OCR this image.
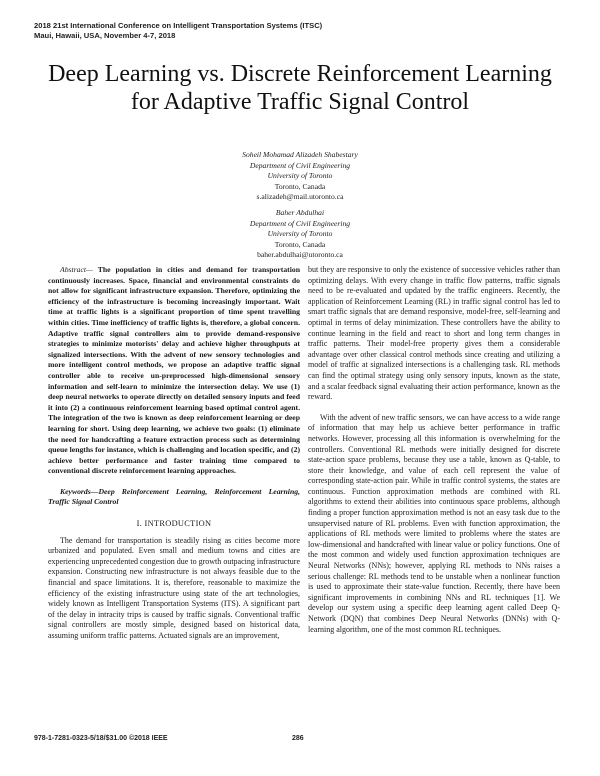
2018 21st International Conference on Intelligent Transportation Systems (ITSC)
Maui, Hawaii, USA, November 4-7, 2018
Deep Learning vs. Discrete Reinforcement Learning
for Adaptive Traffic Signal Control
Soheil Mohamad Alizadeh Shabestary
Department of Civil Engineering
University of Toronto
Toronto, Canada
s.alizadeh@mail.utoronto.ca
Baher Abdulhai
Department of Civil Engineering
University of Toronto
Toronto, Canada
baher.abdulhai@utoronto.ca

Abstract— The population in cities and demand for transportation continuously increases. Space, financial and environmental constraints do not allow for significant infrastructure expansion. Therefore, optimizing the efficiency of the infrastructure is becoming increasingly important. Wait time at traffic lights is a significant proportion of time spent travelling within cities. Time inefficiency of traffic lights is, therefore, a global concern. Adaptive traffic signal controllers aim to provide demand-responsive strategies to minimize motorists' delay and achieve higher throughputs at signalized intersections. With the advent of new sensory technologies and more intelligent control methods, we propose an adaptive traffic signal controller able to receive un-preprocessed high-dimensional sensory information and self-learn to minimize the intersection delay. We use (1) deep neural networks to operate directly on detailed sensory inputs and feed it into (2) a continuous reinforcement learning based optimal control agent. The integration of the two is known as deep reinforcement learning or deep learning for short. Using deep learning, we achieve two goals: (1) eliminate the need for handcrafting a feature extraction process such as determining queue lengths for instance, which is challenging and location specific, and (2) achieve better performance and faster training time compared to conventional discrete reinforcement learning approaches.

Keywords—Deep Reinforcement Learning, Reinforcement Learning, Traffic Signal Control

I. INTRODUCTION

The demand for transportation is steadily rising as cities become more urbanized and populated. Even small and medium towns and cities are experiencing unprecedented congestion due to growth outpacing infrastructure expansion. Constructing new infrastructure is not always feasible due to the financial and space limitations. It is, therefore, reasonable to maximize the efficiency of the existing infrastructure using state of the art technologies, widely known as Intelligent Transportation Systems (ITS). A significant part of the delay in intracity trips is caused by traffic signals. Conventional traffic signal controllers are mostly simple, designed based on historical data, assuming uniform traffic patterns. Actuated signals are an improvement,

but they are responsive to only the existence of successive vehicles rather than optimizing delays. With every change in traffic flow patterns, traffic signals need to be re-evaluated and updated by the traffic engineers. Recently, the application of Reinforcement Learning (RL) in traffic signal control has led to smart traffic signals that are demand responsive, model-free, self-learning and optimal in terms of delay minimization. These controllers have the ability to continue learning in the field and react to short and long term changes in traffic patterns. Their model-free property gives them a considerable advantage over other classical control methods since creating and utilizing a model of traffic at signalized intersections is a challenging task. RL methods can find the optimal strategy using only sensory inputs, known as the state, and a scalar feedback signal evaluating their action performance, known as the reward.

With the advent of new traffic sensors, we can have access to a wide range of information that may help us achieve better performance in traffic networks. However, processing all this information is overwhelming for the controllers. Conventional RL methods were initially designed for discrete state-action space problems, because they use a table, known as Q-table, to store their knowledge, and value of each cell represent the value of corresponding state-action pair. While in traffic control systems, the states are continuous. Function approximation methods are combined with RL algorithms to extend their abilities into continuous space problems, although finding a proper function approximation method is not an easy task due to the unsupervised nature of RL problems. Even with function approximation, the applications of RL methods were limited to problems where the states are low-dimensional and handcrafted with linear value or policy functions. One of the most common and widely used function approximation techniques are Neural Networks (NNs); however, applying RL methods to NNs raises a serious challenge: RL methods tend to be unstable when a nonlinear function is used to approximate their state-value function. Recently, there have been significant improvements in combining NNs and RL techniques [1]. We develop our system using a specific deep learning agent called Deep Q-Network (DQN) that combines Deep Neural Networks (DNNs) with Q-learning algorithm, one of the most common RL techniques.

978-1-7281-0323-5/18/$31.00 ©2018 IEEE	286
